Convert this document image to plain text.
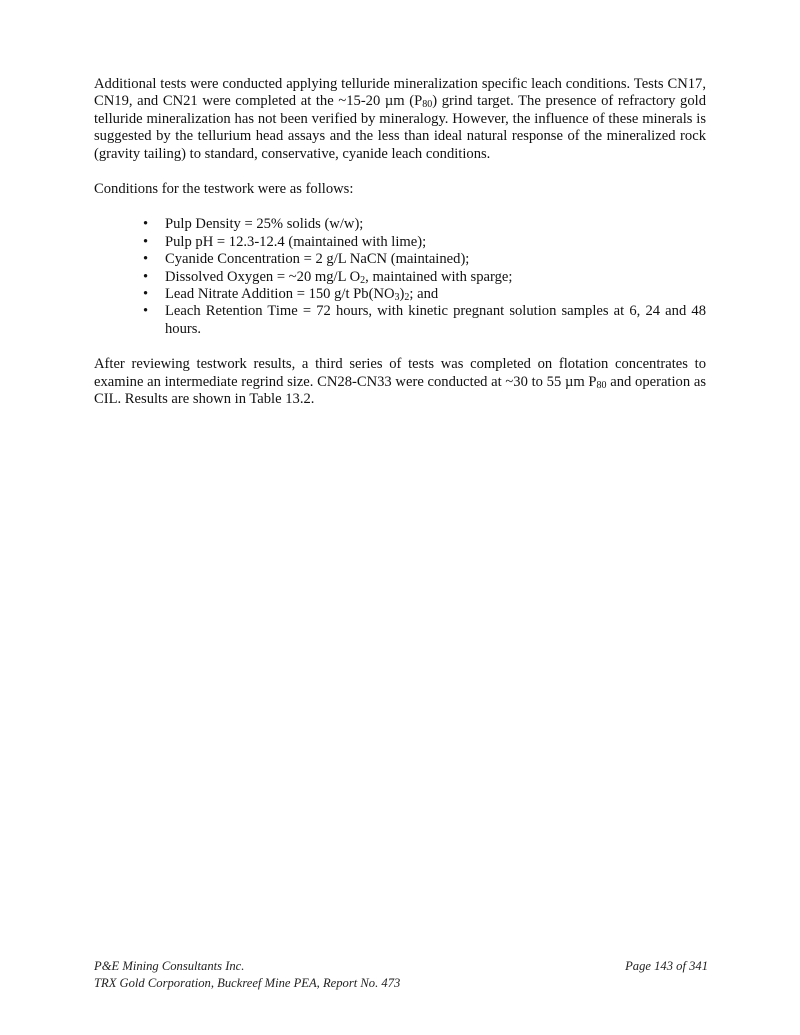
Additional tests were conducted applying telluride mineralization specific leach conditions. Tests CN17, CN19, and CN21 were completed at the ~15-20 µm $(P_{80})$ grind target. The presence of refractory gold telluride mineralization has not been verified by mineralogy. However, the influence of these minerals is suggested by the tellurium head assays and the less than ideal natural response of the mineralized rock (gravity tailing) to standard, conservative, cyanide leach conditions.

Conditions for the testwork were as follows:

• Pulp Density = 25% solids (w/w);
• Pulp pH = 12.3-12.4 (maintained with lime);
• Cyanide Concentration = 2 g/L NaCN (maintained);
• Dissolved Oxygen = ~20 mg/L $O_2$, maintained with sparge;
• Lead Nitrate Addition = 150 g/t $Pb(NO_3)_2$; and
• Leach Retention Time = 72 hours, with kinetic pregnant solution samples at 6, 24 and 48 hours.

After reviewing testwork results, a third series of tests was completed on flotation concentrates to examine an intermediate regrind size. CN28-CN33 were conducted at ~30 to 55 µm $P_{80}$ and operation as CIL. Results are shown in Table 13.2.

P&E Mining Consultants Inc.	Page 143 of 341
TRX Gold Corporation, Buckreef Mine PEA, Report No. 473
